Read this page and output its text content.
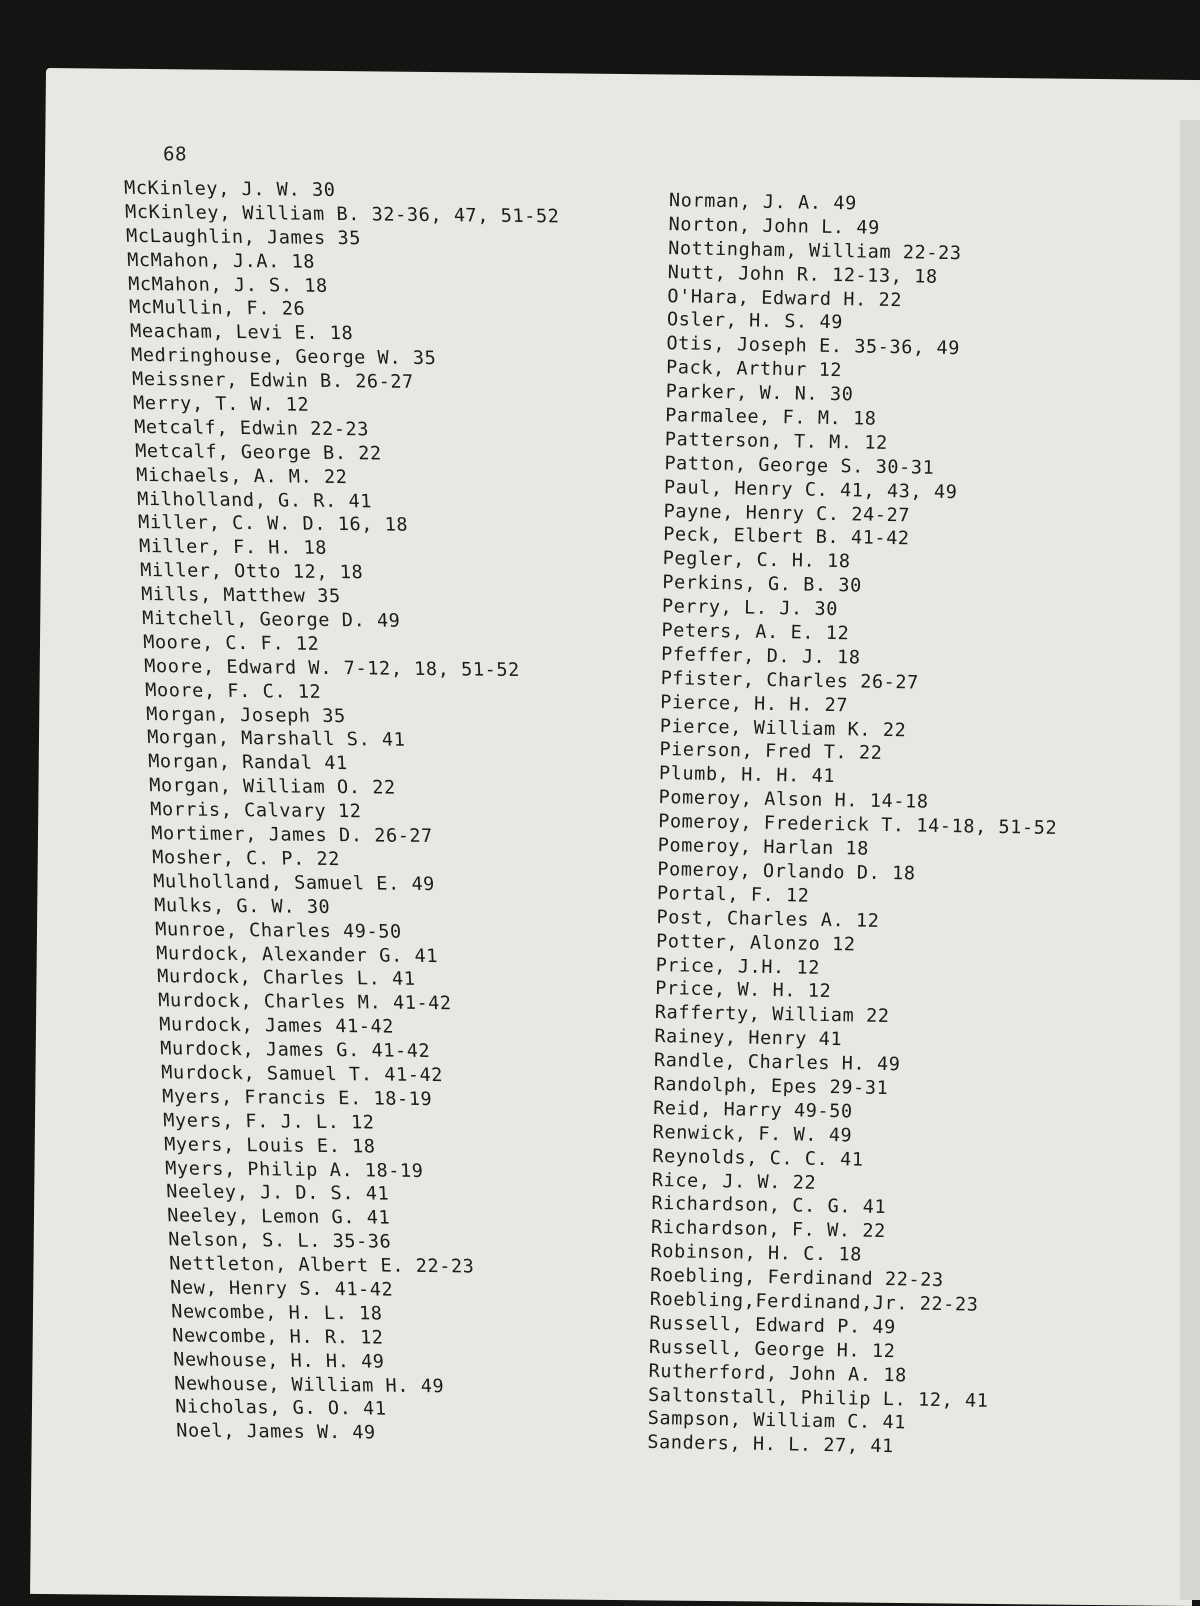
68
McKinley, J. W. 30
McKinley, William B. 32-36, 47, 51-52
McLaughlin, James 35
McMahon, J.A. 18
McMahon, J. S. 18
McMullin, F. 26
Meacham, Levi E. 18
Medringhouse, George W. 35
Meissner, Edwin B. 26-27
Merry, T. W. 12
Metcalf, Edwin 22-23
Metcalf, George B. 22
Michaels, A. M. 22
Milholland, G. R. 41
Miller, C. W. D. 16, 18
Miller, F. H. 18
Miller, Otto 12, 18
Mills, Matthew 35
Mitchell, George D. 49
Moore, C. F. 12
Moore, Edward W. 7-12, 18, 51-52
Moore, F. C. 12
Morgan, Joseph 35
Morgan, Marshall S. 41
Morgan, Randal 41
Morgan, William O. 22
Morris, Calvary 12
Mortimer, James D. 26-27
Mosher, C. P. 22
Mulholland, Samuel E. 49
Mulks, G. W. 30
Munroe, Charles 49-50
Murdock, Alexander G. 41
Murdock, Charles L. 41
Murdock, Charles M. 41-42
Murdock, James 41-42
Murdock, James G. 41-42
Murdock, Samuel T. 41-42
Myers, Francis E. 18-19
Myers, F. J. L. 12
Myers, Louis E. 18
Myers, Philip A. 18-19
Neeley, J. D. S. 41
Neeley, Lemon G. 41
Nelson, S. L. 35-36
Nettleton, Albert E. 22-23
New, Henry S. 41-42
Newcombe, H. L. 18
Newcombe, H. R. 12
Newhouse, H. H. 49
Newhouse, William H. 49
Nicholas, G. O. 41
Noel, James W. 49
Norman, J. A. 49
Norton, John L. 49
Nottingham, William 22-23
Nutt, John R. 12-13, 18
O'Hara, Edward H. 22
Osler, H. S. 49
Otis, Joseph E. 35-36, 49
Pack, Arthur 12
Parker, W. N. 30
Parmalee, F. M. 18
Patterson, T. M. 12
Patton, George S. 30-31
Paul, Henry C. 41, 43, 49
Payne, Henry C. 24-27
Peck, Elbert B. 41-42
Pegler, C. H. 18
Perkins, G. B. 30
Perry, L. J. 30
Peters, A. E. 12
Pfeffer, D. J. 18
Pfister, Charles 26-27
Pierce, H. H. 27
Pierce, William K. 22
Pierson, Fred T. 22
Plumb, H. H. 41
Pomeroy, Alson H. 14-18
Pomeroy, Frederick T. 14-18, 51-52
Pomeroy, Harlan 18
Pomeroy, Orlando D. 18
Portal, F. 12
Post, Charles A. 12
Potter, Alonzo 12
Price, J.H. 12
Price, W. H. 12
Rafferty, William 22
Rainey, Henry 41
Randle, Charles H. 49
Randolph, Epes 29-31
Reid, Harry 49-50
Renwick, F. W. 49
Reynolds, C. C. 41
Rice, J. W. 22
Richardson, C. G. 41
Richardson, F. W. 22
Robinson, H. C. 18
Roebling, Ferdinand 22-23
Roebling,Ferdinand,Jr. 22-23
Russell, Edward P. 49
Russell, George H. 12
Rutherford, John A. 18
Saltonstall, Philip L. 12, 41
Sampson, William C. 41
Sanders, H. L. 27, 41
